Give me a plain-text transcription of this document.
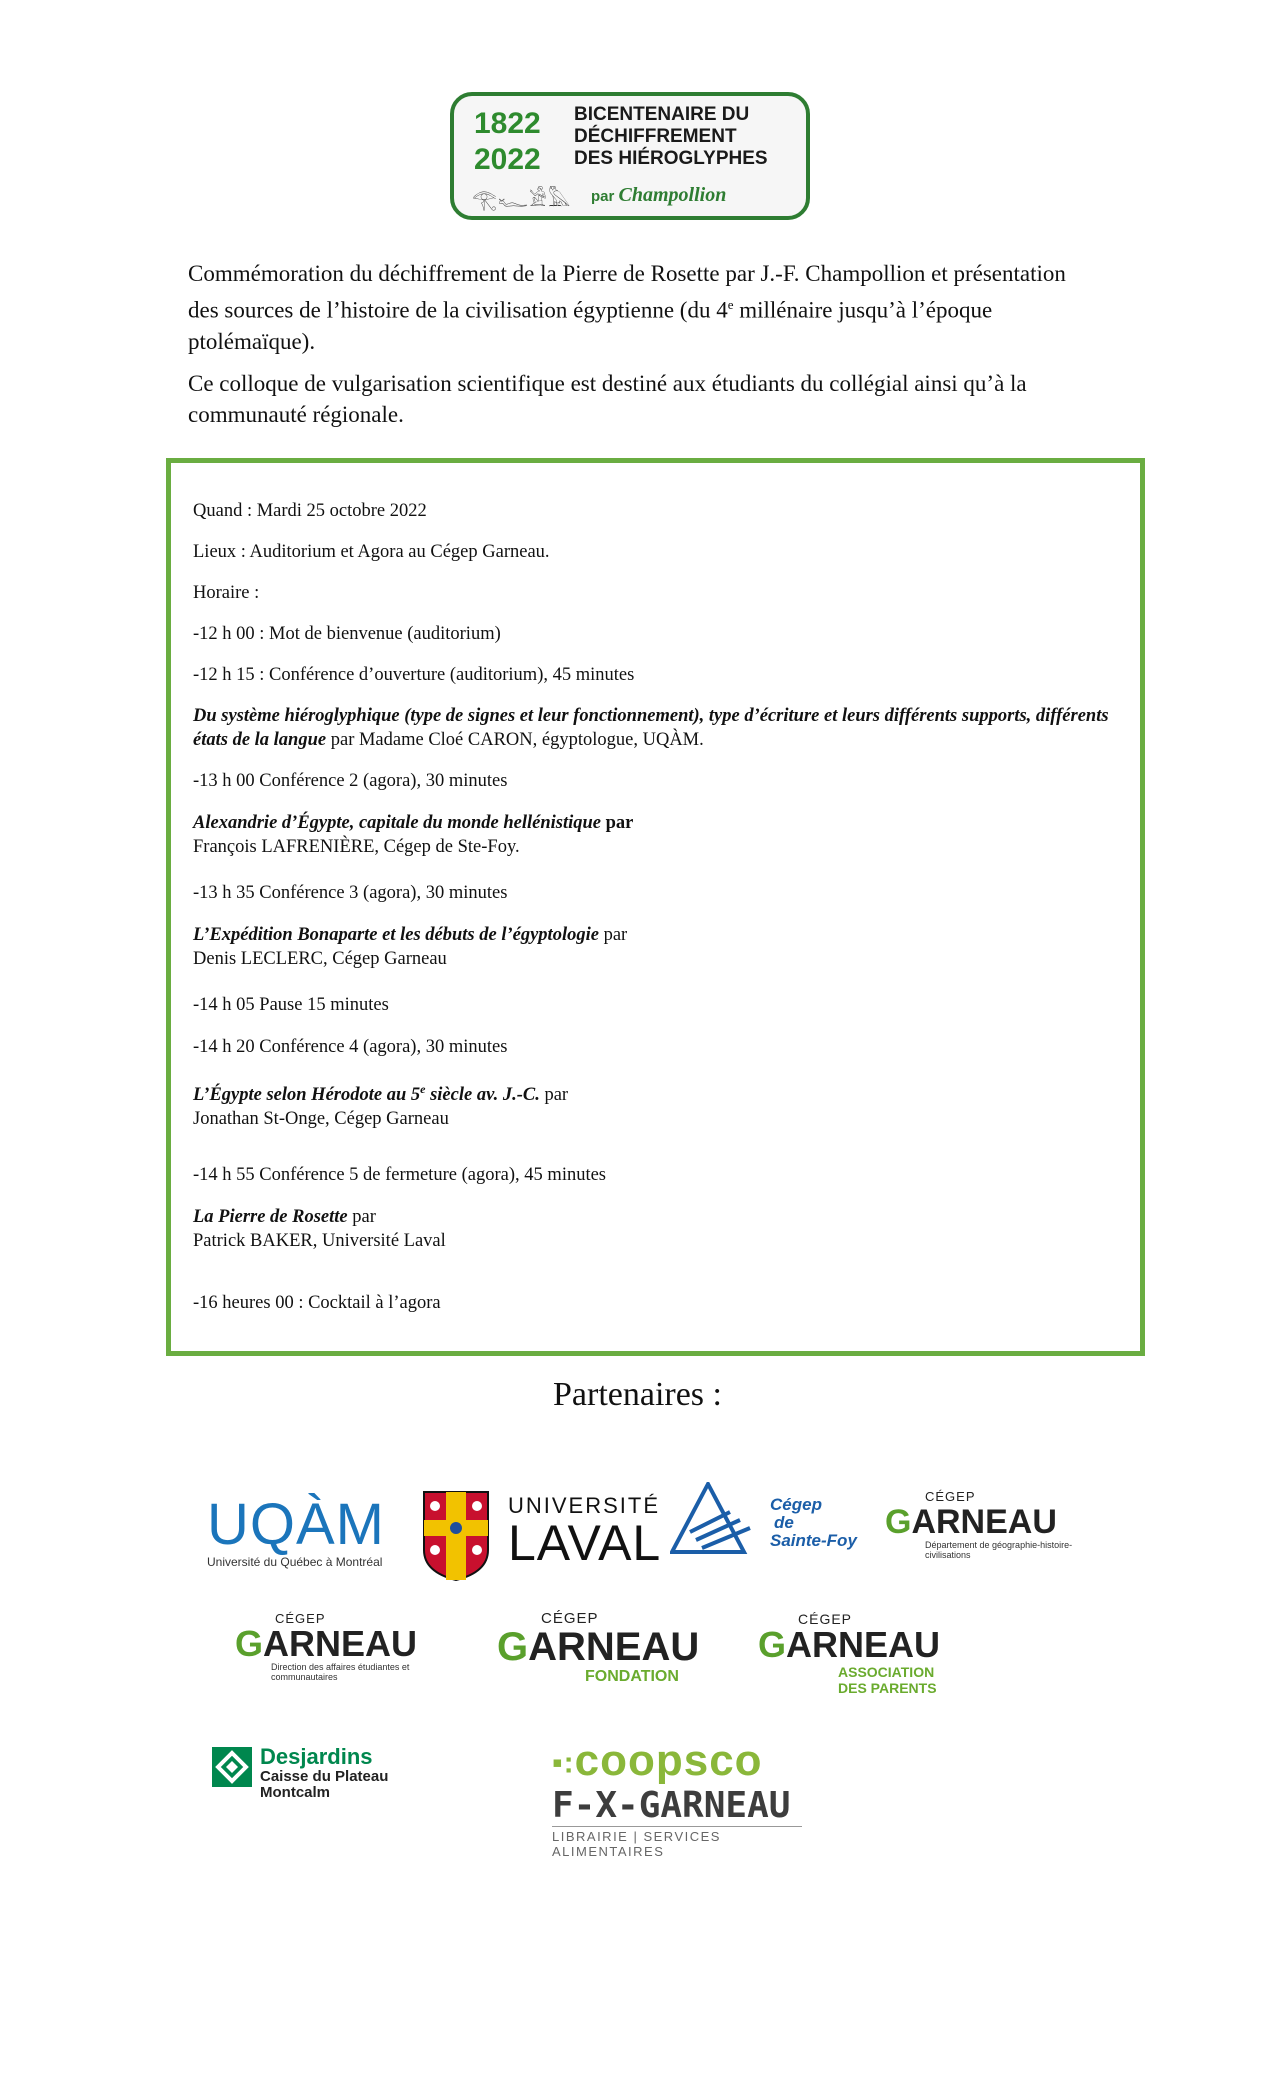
1822
2022
BICENTENAIRE DU
DÉCHIFFREMENT
DES HIÉROGLYPHES
𓂀𓆑𓀀𓅓 par Champollion

Commémoration du déchiffrement de la Pierre de Rosette par J.-F. Champollion et présentation des sources de l’histoire de la civilisation égyptienne (du 4e millénaire jusqu’à l’époque ptolémaïque).

Ce colloque de vulgarisation scientifique est destiné aux étudiants du collégial ainsi qu’à la communauté régionale.

Quand : Mardi 25 octobre 2022

Lieux : Auditorium et Agora au Cégep Garneau.

Horaire :

-12 h 00 : Mot de bienvenue (auditorium)

-12 h 15 : Conférence d’ouverture (auditorium), 45 minutes

Du système hiéroglyphique (type de signes et leur fonctionnement), type d’écriture et leurs différents supports, différents états de la langue par Madame Cloé CARON, égyptologue, UQÀM.

-13 h 00 Conférence 2 (agora), 30 minutes

Alexandrie d’Égypte, capitale du monde hellénistique par
François LAFRENIÈRE, Cégep de Ste-Foy.

-13 h 35 Conférence 3 (agora), 30 minutes

L’Expédition Bonaparte et les débuts de l’égyptologie par
Denis LECLERC, Cégep Garneau

-14 h 05 Pause 15 minutes

-14 h 20 Conférence 4 (agora), 30 minutes

L’Égypte selon Hérodote au 5e siècle av. J.-C. par
Jonathan St-Onge, Cégep Garneau

-14 h 55 Conférence 5 de fermeture (agora), 45 minutes

La Pierre de Rosette par
Patrick BAKER, Université Laval

-16 heures 00 : Cocktail à l’agora

Partenaires :
UQÀM
Université du Québec à Montréal
UNIVERSITÉ
LAVAL
Cégep
de
Sainte-Foy
CÉGEP
GARNEAU
Département de géographie-histoire-civilisations
CÉGEP
GARNEAU
Direction des affaires étudiantes et communautaires
CÉGEP
GARNEAU
FONDATION
CÉGEP
GARNEAU
ASSOCIATION
DES PARENTS
Desjardins
Caisse du Plateau
Montcalm
▪:coopsco
F-X-GARNEAU
LIBRAIRIE | SERVICES ALIMENTAIRES
